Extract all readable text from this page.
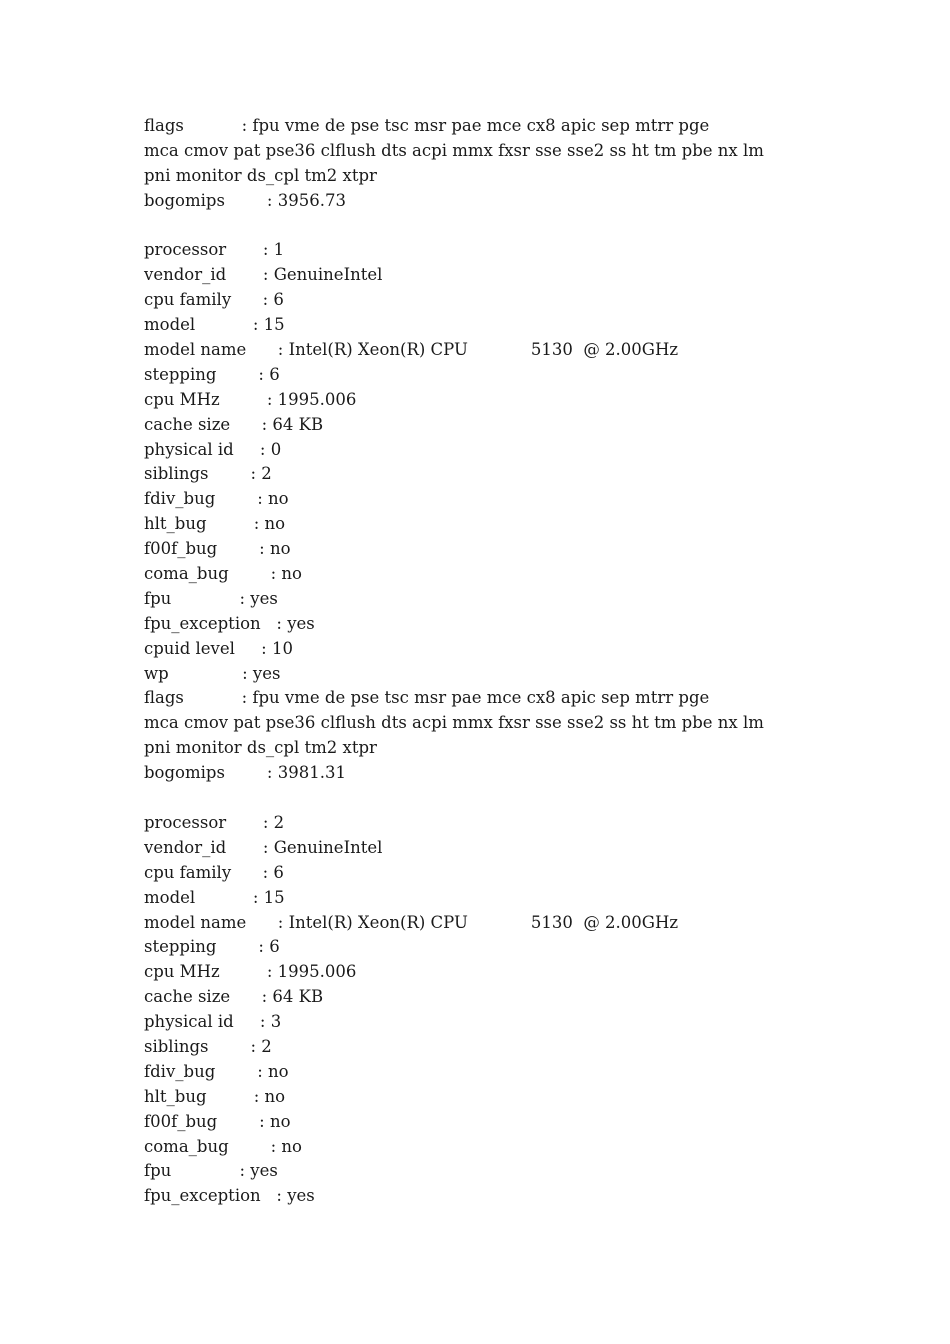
flags           : fpu vme de pse tsc msr pae mce cx8 apic sep mtrr pge
mca cmov pat pse36 clflush dts acpi mmx fxsr sse sse2 ss ht tm pbe nx lm
pni monitor ds_cpl tm2 xtpr
bogomips        : 3956.73
processor       : 1
vendor_id       : GenuineIntel
cpu family      : 6
model           : 15
model name      : Intel(R) Xeon(R) CPU            5130  @ 2.00GHz
stepping        : 6
cpu MHz         : 1995.006
cache size      : 64 KB
physical id     : 0
siblings        : 2
fdiv_bug        : no
hlt_bug         : no
f00f_bug        : no
coma_bug        : no
fpu             : yes
fpu_exception   : yes
cpuid level     : 10
wp              : yes
flags           : fpu vme de pse tsc msr pae mce cx8 apic sep mtrr pge
mca cmov pat pse36 clflush dts acpi mmx fxsr sse sse2 ss ht tm pbe nx lm
pni monitor ds_cpl tm2 xtpr
bogomips        : 3981.31
processor       : 2
vendor_id       : GenuineIntel
cpu family      : 6
model           : 15
model name      : Intel(R) Xeon(R) CPU            5130  @ 2.00GHz
stepping        : 6
cpu MHz         : 1995.006
cache size      : 64 KB
physical id     : 3
siblings        : 2
fdiv_bug        : no
hlt_bug         : no
f00f_bug        : no
coma_bug        : no
fpu             : yes
fpu_exception   : yes
